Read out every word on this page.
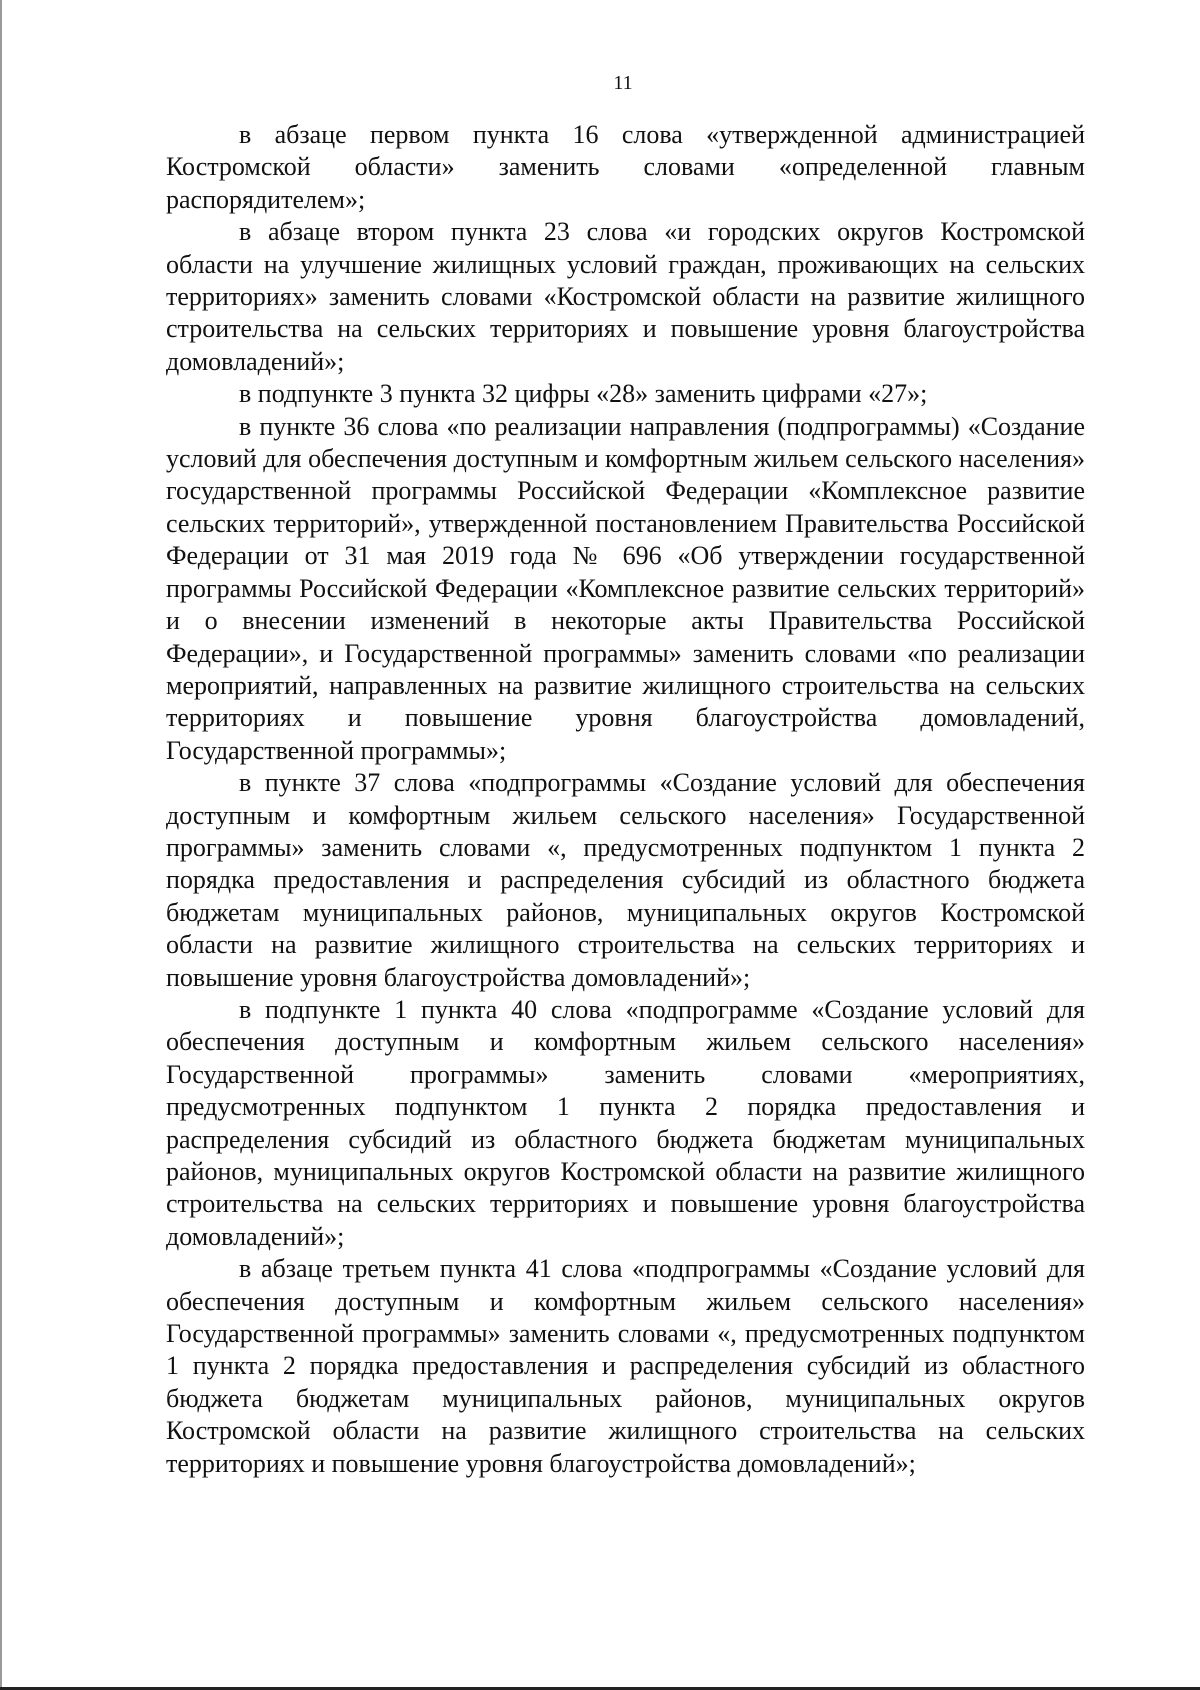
11

в абзаце первом пункта 16 слова «утвержденной администрацией Костромской области» заменить словами «определенной главным распорядителем»;

в абзаце втором пункта 23 слова «и городских округов Костромской области на улучшение жилищных условий граждан, проживающих на сельских территориях» заменить словами «Костромской области на развитие жилищного строительства на сельских территориях и повышение уровня благоустройства домовладений»;

в подпункте 3 пункта 32 цифры «28» заменить цифрами «27»;

в пункте 36 слова «по реализации направления (подпрограммы) «Создание условий для обеспечения доступным и комфортным жильем сельского населения» государственной программы Российской Федерации «Комплексное развитие сельских территорий», утвержденной постановлением Правительства Российской Федерации от 31 мая 2019 года № 696 «Об утверждении государственной программы Российской Федерации «Комплексное развитие сельских территорий» и о внесении изменений в некоторые акты Правительства Российской Федерации», и Государственной программы» заменить словами «по реализации мероприятий, направленных на развитие жилищного строительства на сельских территориях и повышение уровня благоустройства домовладений, Государственной программы»;

в пункте 37 слова «подпрограммы «Создание условий для обеспечения доступным и комфортным жильем сельского населения» Государственной программы» заменить словами «, предусмотренных подпунктом 1 пункта 2 порядка предоставления и распределения субсидий из областного бюджета бюджетам муниципальных районов, муниципальных округов Костромской области на развитие жилищного строительства на сельских территориях и повышение уровня благоустройства домовладений»;

в подпункте 1 пункта 40 слова «подпрограмме «Создание условий для обеспечения доступным и комфортным жильем сельского населения» Государственной программы» заменить словами «мероприятиях, предусмотренных подпунктом 1 пункта 2 порядка предоставления и распределения субсидий из областного бюджета бюджетам муниципальных районов, муниципальных округов Костромской области на развитие жилищного строительства на сельских территориях и повышение уровня благоустройства домовладений»;

в абзаце третьем пункта 41 слова «подпрограммы «Создание условий для обеспечения доступным и комфортным жильем сельского населения» Государственной программы» заменить словами «, предусмотренных подпунктом 1 пункта 2 порядка предоставления и распределения субсидий из областного бюджета бюджетам муниципальных районов, муниципальных округов Костромской области на развитие жилищного строительства на сельских территориях и повышение уровня благоустройства домовладений»;
